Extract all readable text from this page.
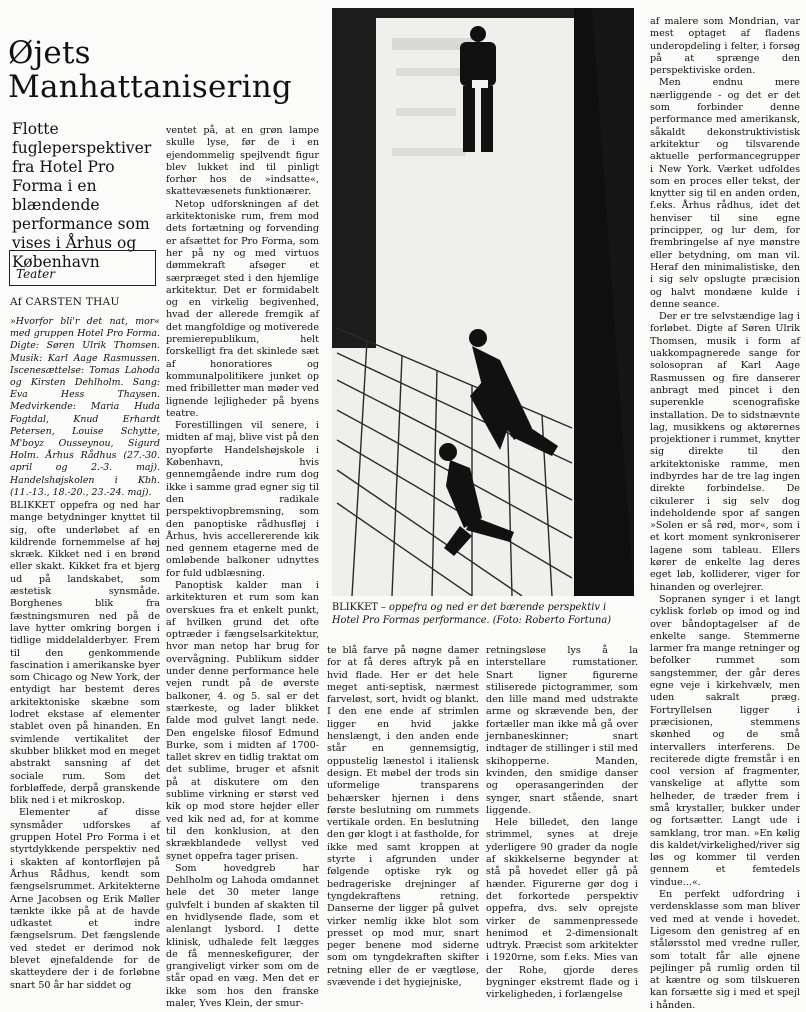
Øjets Manhattanisering

Flotte fugleperspektiver fra Hotel Pro Forma i en blændende performance som vises i Århus og København

Teater
Af CARSTEN THAU
»Hvorfor bli'r det nat, mor« med gruppen Hotel Pro Forma. Digte: Søren Ulrik Thomsen. Musik: Karl Aage Rasmussen. Iscenesættelse: Tomas Lahoda og Kirsten Dehlholm. Sang: Eva Hess Thaysen. Medvirkende: Maria Hudа Fogtdal, Knud Erhardt Petersen, Louise Schytte, M'boyz Ousseynou, Sigurd Holm. Århus Rådhus (27.-30. april og 2.-3. maj). Handelshøjskolen i Kbh. (11.-13., 18.-20., 23.-24. maj).

BLIKKET oppefra og ned har mange betydninger knyttet til sig, ofte underløbet af en kildrende fornemmelse af høj skræk. Kikket ned i en brønd eller skakt. Kikket fra et bjerg ud på landskabet, som æstetisk synsmåde. Borghenes blik fra fæstningsmuren ned på de lave hytter omkring borgen i tidlige middelalderbyer. Frem til den genkommende fascination i amerikanske byer som Chicago og New York, der entydigt har bestemt deres arkitektoniske skæbne som lodret ekstase af elementer stablet oven på hinanden. En svimlende vertikalitet der skubber blikket mod en meget abstrakt sansning af det sociale rum. Som det forbløffede, derpå granskende blik ned i et mikroskop.

Elementer af disse synsmåder udforskes af gruppen Hotel Pro Forma i et styrtdykkende perspektiv ned i skakten af kontorfløjen på Århus Rådhus, kendt som fængselsrummet. Arkitekterne Arne Jacobsen og Erik Møller tænkte ikke på at de havde udkastet et indre fængselsrum. Det fængslende ved stedet er derimod nok blevet øjnefaldende for de skatteydere der i de forløbne snart 50 år har siddet og

ventet på, at en grøn lampe skulle lyse, før de i en ejendommelig spejlvendt figur blev lukket ind til pinligt forhør hos de »indsatte«, skattevæsenets funktionærer.

Netop udforskningen af det arkitektoniske rum, frem mod dets fortætning og forvending er afsættet for Pro Forma, som her på ny og med virtuos dømmekraft afsøger et særpræget sted i den hjemlige arkitektur. Det er formidabelt og en virkelig begivenhed, hvad der allerede fremgik af det mangfoldige og motiverede premierepublikum, helt forskelligt fra det skinlede sæt af honoratiores og kommunalpolitikere junket op med fribilletter man møder ved lignende lejligheder på byens teatre.

Forestillingen vil senere, i midten af maj, blive vist på den nyopførte Handelshøjskole i København, hvis gennemgående indre rum dog ikke i samme grad egner sig til den radikale perspektivopbremsning, som den panoptiske rådhusfløj i Århus, hvis accellererende kik ned gennem etagerne med de omløbende balkoner udnyttes for fuld udblæsning.

Panoptisk kalder man i arkitekturen et rum som kan overskues fra et enkelt punkt, af hvilken grund det ofte optræder i fængselsarkitektur, hvor man netop har brug for overvågning. Publikum sidder under denne performance hele vejen rundt på de øverste balkoner, 4. og 5. sal er det stærkeste, og lader blikket falde mod gulvet langt nede. Den engelske filosof Edmund Burke, som i midten af 1700-tallet skrev en tidlig traktat om det sublime, bruger et afsnit på at diskutere om den sublime virkning er størst ved kik op mod store højder eller ved kik ned ad, for at komme til den konklusion, at den skrækblandede vellyst ved synet oppefra tager prisen.

Som hovedgreb har Dehlholm og Lahoda omdannet hele det 30 meter lange gulvfelt i bunden af skakten til en hvidlysende flade, som et alenlangt lysbord. I dette klinisk, udhalede felt lægges de få menneskefigurer, der grangiveligt virker som om de står opad en væg. Men det er ikke som hos den franske maler, Yves Klein, der smur-

BLIKKET – oppefra og ned er det bærende perspektiv i Hotel Pro Formas performance. (Foto: Roberto Fortuna)

te blå farve på nøgne damer for at få deres aftryk på en hvid flade. Her er det hele meget anti-septisk, nærmest farveløst, sort, hvidt og blankt. I den ene ende af strimlen ligger en hvid jakke henslængt, i den anden ende står en gennemsigtig, oppustelig lænestol i italiensk design. Et møbel der trods sin uformelige transparens behærsker hjernen i dens første beslutning om rummets vertikale orden. En beslutning den gør klogt i at fastholde, for ikke med samt kroppen at styrte i afgrunden under følgende optiske ryk og bedrageriske drejninger af tyngdekraftens retning. Danserne der ligger på gulvet virker nemlig ikke blot som presset op mod mur, snart peger benene mod siderne som om tyngdekraften skifter retning eller de er vægtløse, svævende i det hygiejniske,

retningsløse lys å la interstellare rumstationer. Snart ligner figurerne stiliserede pictogrammer, som den lille mand med udstrakte arme og skrævende ben, der fortæller man ikke må gå over jernbaneskinner; snart indtager de stillinger i stil med skihopperne. Manden, kvinden, den smidige danser og operasangerinden der synger, snart stående, snart liggende.

Hele billedet, den lange strimmel, synes at dreje yderligere 90 grader da nogle af skikkelserne begynder at stå på hovedet eller gå på hænder. Figurerne gør dog i det forkortede perspektiv oppefra, dvs. selv oprejste virker de sammenpressede henimod et 2-dimensionalt udtryk. Præcist som arkitekter i 1920rne, som f.eks. Mies van der Rohe, gjorde deres bygninger ekstremt flade og i virkeligheden, i forlængelse

af malere som Mondrian, var mest optaget af fladens underopdeling i felter, i forsøg på at sprænge den perspektiviske orden.

Men endnu mere nærliggende - og det er det som forbinder denne performance med amerikansk, såkaldt dekonstruktivistisk arkitektur og tilsvarende aktuelle performancegrupper i New York. Værket udfoldes som en proces eller tekst, der knytter sig til en anden orden, f.eks. Århus rådhus, idet det henviser til sine egne principper, og lur dem, for frembringelse af nye mønstre eller betydning, om man vil. Heraf den minimalistiske, den i sig selv opslugte præcision og halvt mondæne kulde i denne seance.

Der er tre selvstændige lag i forløbet. Digte af Søren Ulrik Thomsen, musik i form af uakkompagnerede sange for solosopran af Karl Aage Rasmussen og fire danserer anbragt med pincet i den superenkle scenografiske installation. De to sidstnævnte lag, musikkens og aktørernes projektioner i rummet, knytter sig direkte til den arkitektoniske ramme, men indbyrdes har de tre lag ingen direkte forbindelse. De cikulerer i sig selv dog indeholdende spor af sangen »Solen er så rød, mor«, som i et kort moment synkroniserer lagene som tableau. Ellers kører de enkelte lag deres eget løb, kolliderer, viger for hinanden og overlejrer.

Sopranen synger i et langt cyklisk forløb op imod og ind over båndoptagelser af de enkelte sange. Stemmerne larmer fra mange retninger og befolker rummet som sangstemmer, der går deres egne veje i kirkehvælv, men uden sakralt præg. Fortryllelsen ligger i præcisionen, stemmens skønhed og de små intervallers interferens. De reciterede digte fremstår i en cool version af fragmenter, vanskelige at aflytte som helheder, de træder frem i små krystaller, bukker under og fortsætter. Langt ude i samklang, tror man. »En kølig dis kaldet/virkelighed/river sig løs og kommer til verden gennem et femtedels vindue...«.

En perfekt udfordring i verdensklasse som man bliver ved med at vende i hovedet. Ligesom den genistreg af en stålørsstol med vredne ruller, som totalt får alle øjnene pejlinger på rumlig orden til at kæntre og som tilskueren kan forsætte sig i med et spejl i hånden.
